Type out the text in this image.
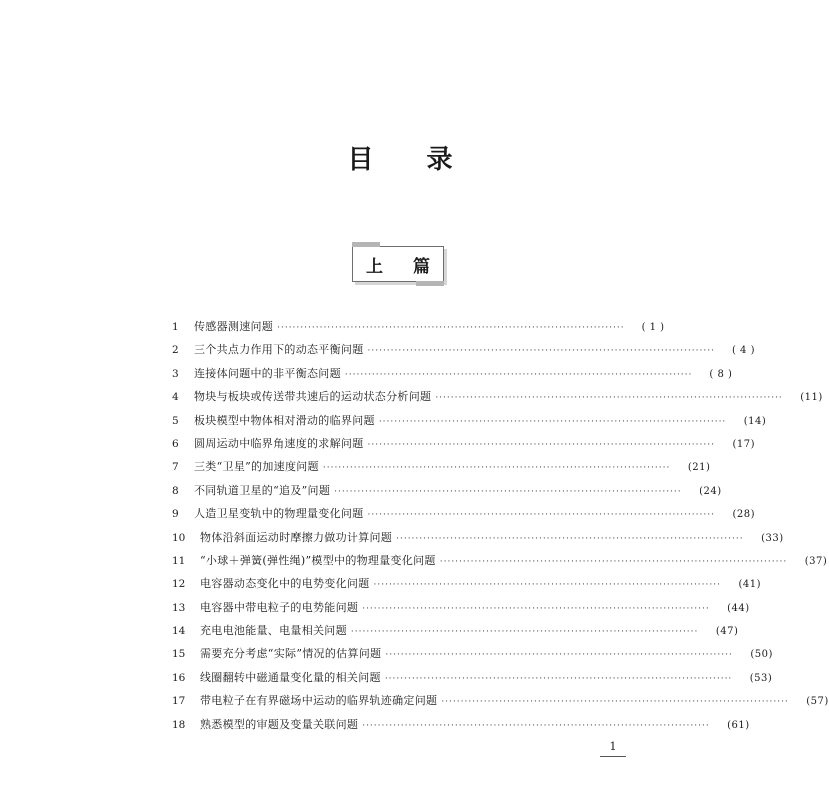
目 录
上 篇
1	传感器测速问题 ··························································································	( 1 )
2	三个共点力作用下的动态平衡问题 ··························································································	( 4 )
3	连接体问题中的非平衡态问题 ··························································································	( 8 )
4	物块与板块或传送带共速后的运动状态分析问题 ··························································································	(11)
5	板块模型中物体相对滑动的临界问题 ··························································································	(14)
6	圆周运动中临界角速度的求解问题 ··························································································	(17)
7	三类“卫星”的加速度问题 ··························································································	(21)
8	不同轨道卫星的“追及”问题 ··························································································	(24)
9	人造卫星变轨中的物理量变化问题 ··························································································	(28)
10	物体沿斜面运动时摩擦力做功计算问题 ··························································································	(33)
11	“小球＋弹簧(弹性绳)”模型中的物理量变化问题 ··························································································	(37)
12	电容器动态变化中的电势变化问题 ··························································································	(41)
13	电容器中带电粒子的电势能问题 ··························································································	(44)
14	充电电池能量、电量相关问题 ··························································································	(47)
15	需要充分考虑“实际”情况的估算问题 ··························································································	(50)
16	线圈翻转中磁通量变化量的相关问题 ··························································································	(53)
17	带电粒子在有界磁场中运动的临界轨迹确定问题 ··························································································	(57)
18	熟悉模型的审题及变量关联问题 ··························································································	(61)
1
